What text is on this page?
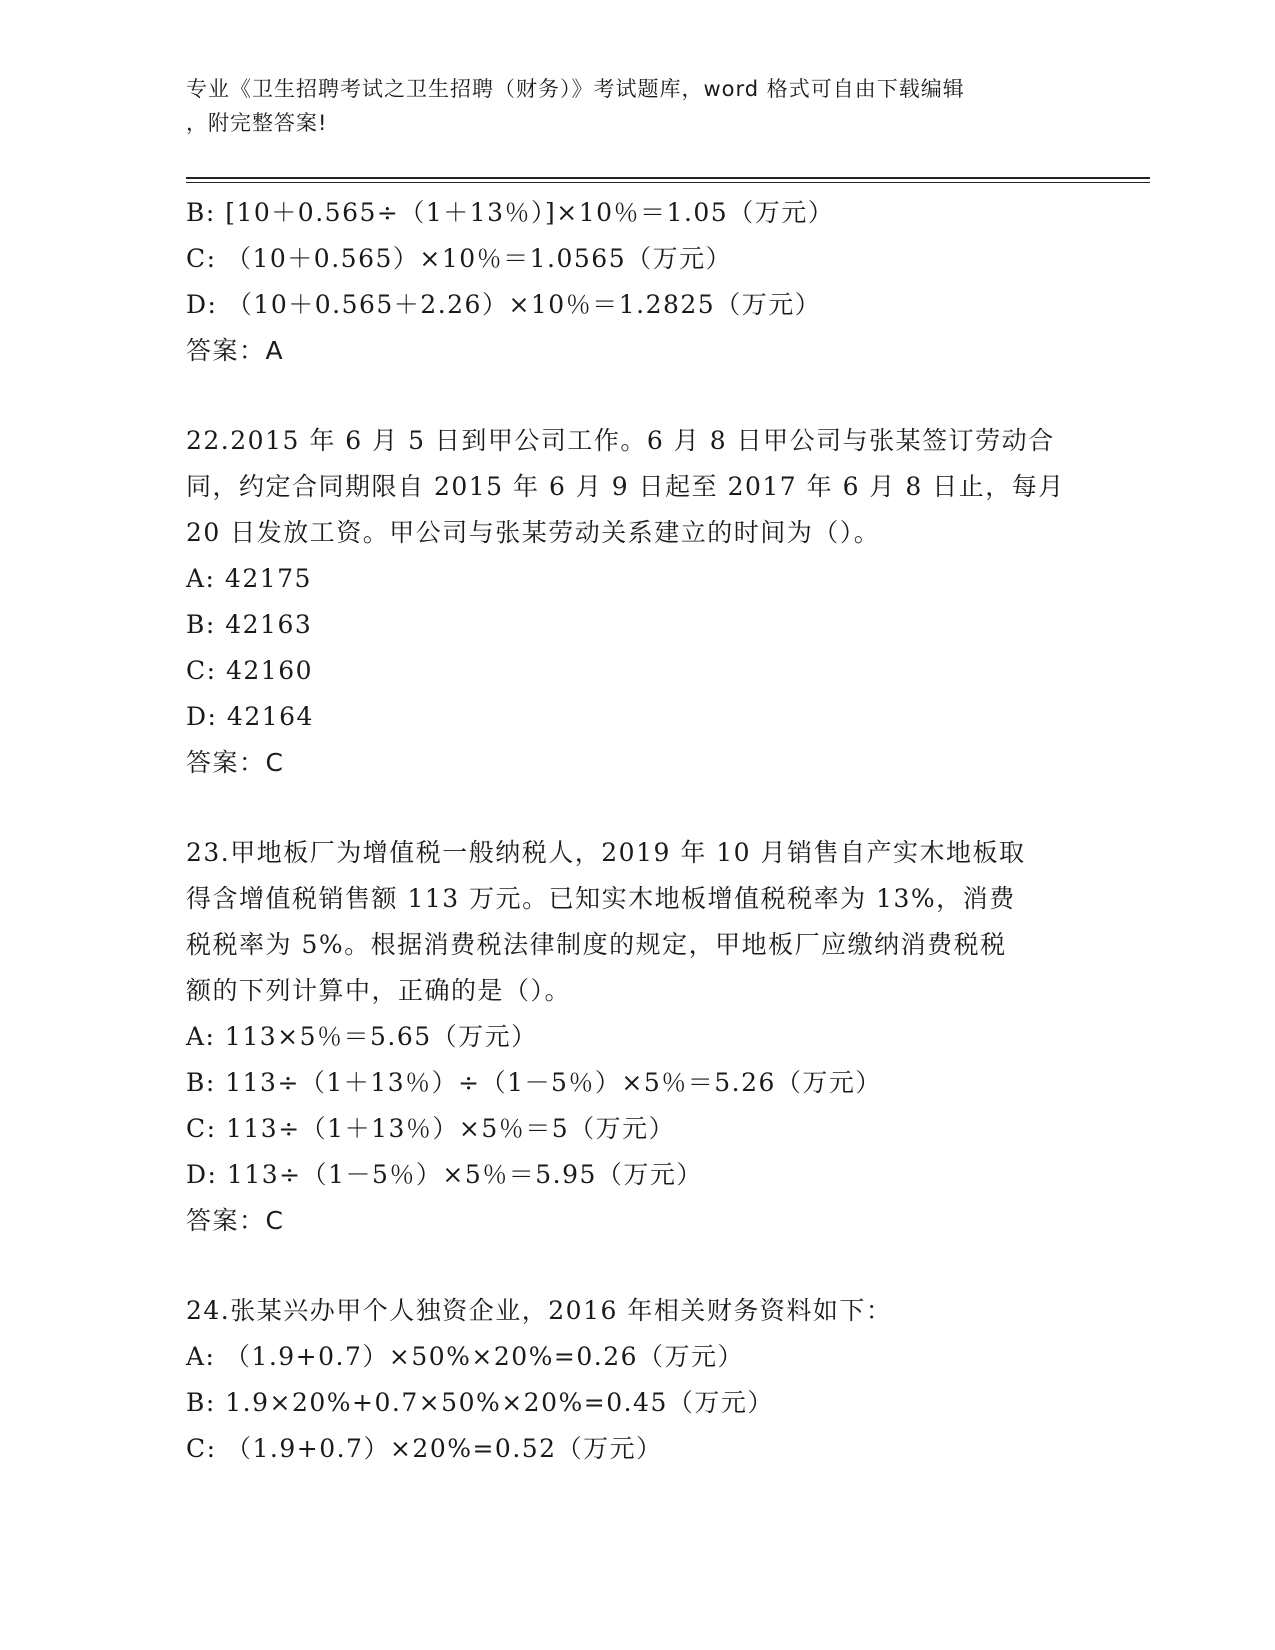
专业《卫生招聘考试之卫生招聘（财务）》考试题库，word 格式可自由下载编辑
，附完整答案!
B: [10＋0.565÷（1＋13％）]×10％＝1.05（万元）
C: （10＋0.565）×10％＝1.0565（万元）
D: （10＋0.565＋2.26）×10％＝1.2825（万元）
答案：A
22.2015 年 6 月 5 日到甲公司工作。6 月 8 日甲公司与张某签订劳动合
同，约定合同期限自 2015 年 6 月 9 日起至 2017 年 6 月 8 日止，每月
20 日发放工资。甲公司与张某劳动关系建立的时间为（）。
A: 42175
B: 42163
C: 42160
D: 42164
答案：C
23.甲地板厂为增值税一般纳税人，2019 年 10 月销售自产实木地板取
得含增值税销售额 113 万元。已知实木地板增值税税率为 13%，消费
税税率为 5%。根据消费税法律制度的规定，甲地板厂应缴纳消费税税
额的下列计算中，正确的是（）。
A: 113×5％＝5.65（万元）
B: 113÷（1＋13％）÷（1－5％）×5％＝5.26（万元）
C: 113÷（1＋13％）×5％＝5（万元）
D: 113÷（1－5％）×5％＝5.95（万元）
答案：C
24.张某兴办甲个人独资企业，2016 年相关财务资料如下：
A: （1.9+0.7）×50%×20%=0.26（万元）
B: 1.9×20%+0.7×50%×20%=0.45（万元）
C: （1.9+0.7）×20%=0.52（万元）
